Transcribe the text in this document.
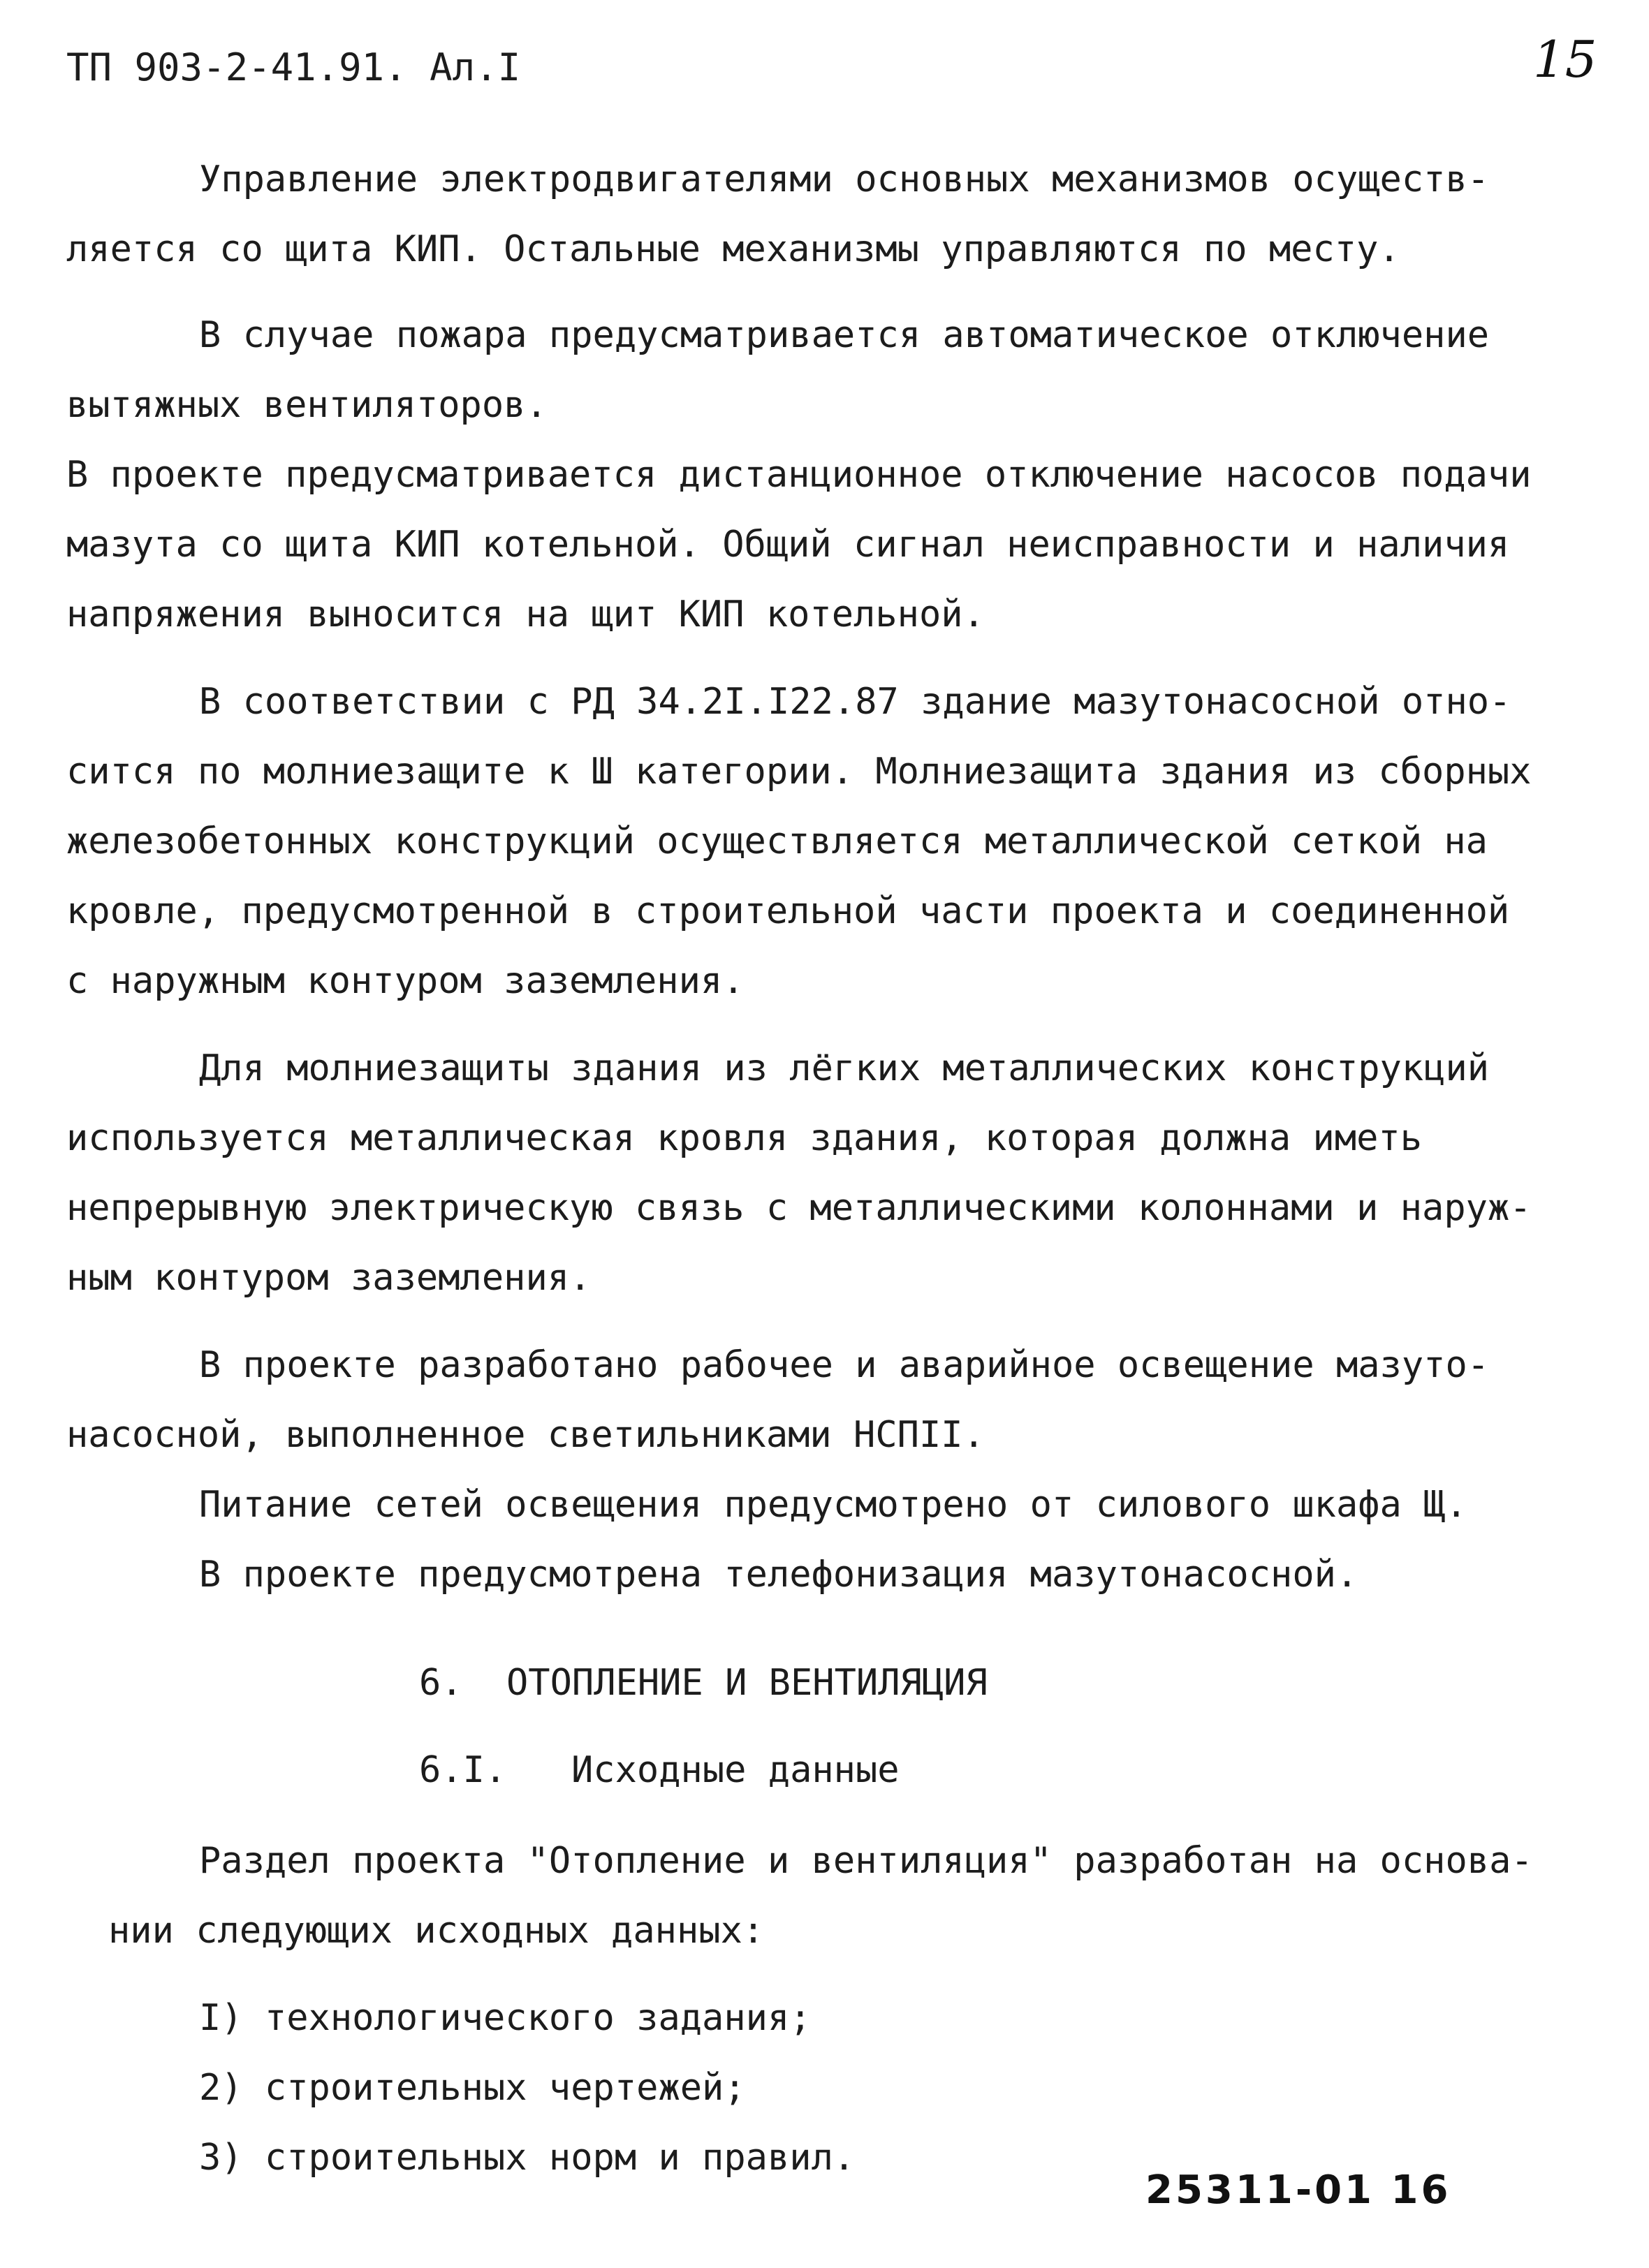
ТП 903-2-41.91. Ал.I	15
Управление электродвигателями основных механизмов осуществ-
ляется со щита КИП. Остальные механизмы управляются по месту.
В случае пожара предусматривается автоматическое отключение
вытяжных вентиляторов.
В проекте предусматривается дистанционное отключение насосов подачи
мазута со щита КИП котельной. Общий сигнал неисправности и наличия
напряжения выносится на щит КИП котельной.
В соответствии с РД 34.2I.I22.87 здание мазутонасосной отно-
сится по молниезащите к Ш категории. Молниезащита здания из сборных
железобетонных конструкций осуществляется металлической сеткой на
кровле, предусмотренной в строительной части проекта и соединенной
с наружным контуром заземления.
Для молниезащиты здания из лёгких металлических конструкций
используется металлическая кровля здания, которая должна иметь
непрерывную электрическую связь с металлическими колоннами и наруж-
ным контуром заземления.
В проекте разработано рабочее и аварийное освещение мазуто-
насосной, выполненное светильниками НСПII.
Питание сетей освещения предусмотрено от силового шкафа Щ.
В проекте предусмотрена телефонизация мазутонасосной.
6. ОТОПЛЕНИЕ И ВЕНТИЛЯЦИЯ
6.I. Исходные данные
Раздел проекта "Отопление и вентиляция" разработан на основа-
нии следующих исходных данных:
I) технологического задания;
2) строительных чертежей;
3) строительных норм и правил.
25311-01 16
